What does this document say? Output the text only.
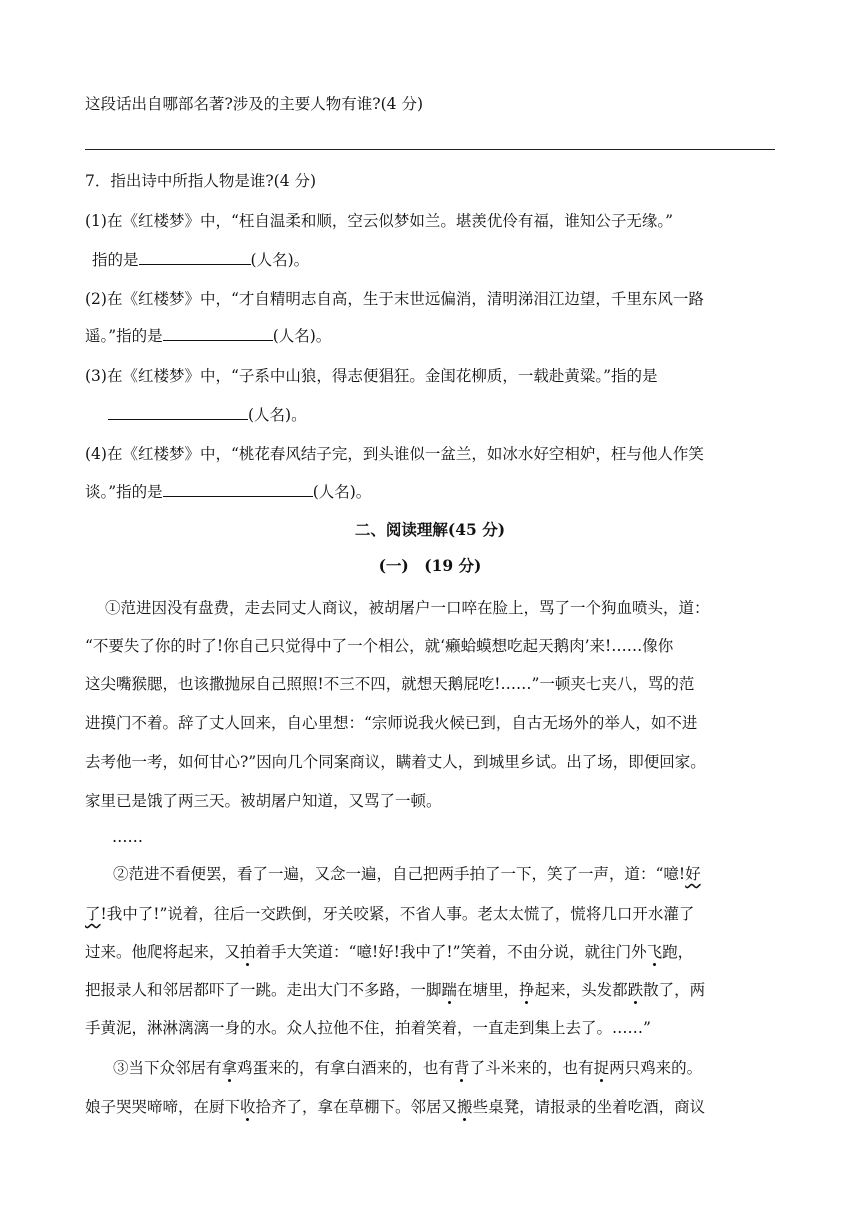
这段话出自哪部名著?涉及的主要人物有谁?(4 分)
7．指出诗中所指人物是谁?(4 分)
(1)在《红楼梦》中，“枉自温柔和顺，空云似梦如兰。堪羡优伶有福，谁知公子无缘。”
指的是	(人名)。
(2)在《红楼梦》中，“才自精明志自高，生于末世远偏消，清明涕泪江边望，千里东风一路
遥。”指的是	(人名)。
(3)在《红楼梦》中，“子系中山狼，得志便猖狂。金闺花柳质，一载赴黄粱。”指的是
(人名)。
(4)在《红楼梦》中，“桃花春风结子完，到头谁似一盆兰，如冰水好空相妒，枉与他人作笑
谈。”指的是	(人名)。
二、阅读理解(45 分)
(一)　(19 分)
①范进因没有盘费，走去同丈人商议，被胡屠户一口啐在脸上，骂了一个狗血喷头，道：
“不要失了你的时了!你自己只觉得中了一个相公，就‘癞蛤蟆想吃起天鹅肉’来!……像你
这尖嘴猴腮，也该撒抛尿自己照照!不三不四，就想天鹅屁吃!……”一顿夹七夹八，骂的范
进摸门不着。辞了丈人回来，自心里想：“宗师说我火候已到，自古无场外的举人，如不进
去考他一考，如何甘心?”因向几个同案商议，瞒着丈人，到城里乡试。出了场，即便回家。
家里已是饿了两三天。被胡屠户知道，又骂了一顿。
……
②范进不看便罢，看了一遍，又念一遍，自己把两手拍了一下，笑了一声，道：“噫!好
了!我中了!”说着，往后一交跌倒，牙关咬紧，不省人事。老太太慌了，慌将几口开水灌了
过来。他爬将起来，又拍着手大笑道：“噫!好!我中了!”笑着，不由分说，就往门外飞跑，
把报录人和邻居都吓了一跳。走出大门不多路，一脚踹在塘里，挣起来，头发都跌散了，两
手黄泥，淋淋漓漓一身的水。众人拉他不住，拍着笑着，一直走到集上去了。……”
③当下众邻居有拿鸡蛋来的，有拿白酒来的，也有背了斗米来的，也有捉两只鸡来的。
娘子哭哭啼啼，在厨下收拾齐了，拿在草棚下。邻居又搬些桌凳，请报录的坐着吃酒，商议
